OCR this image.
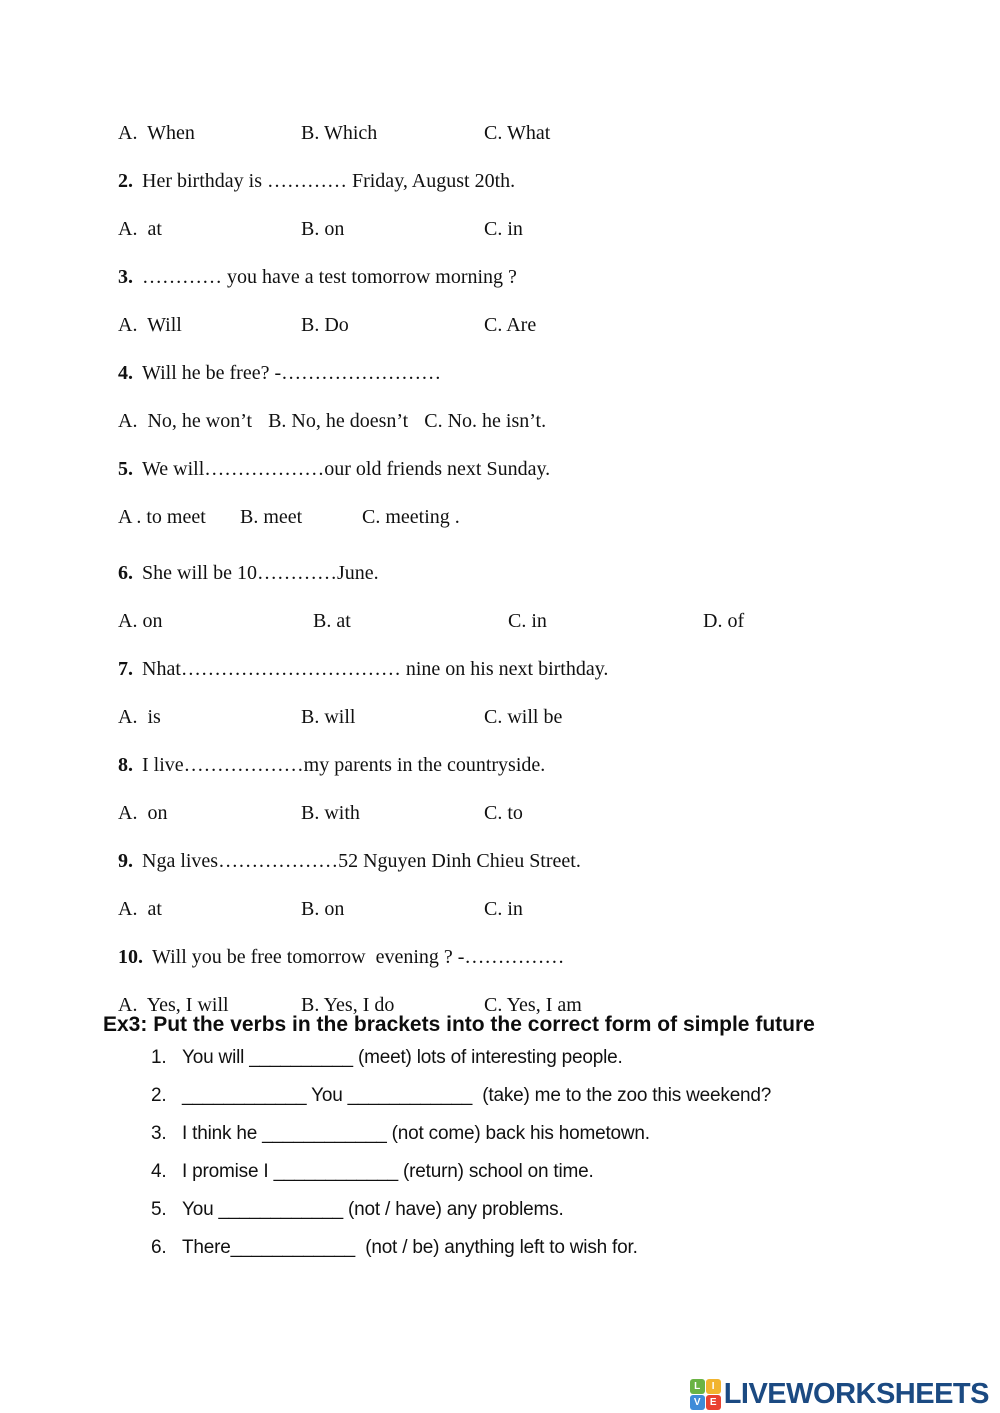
A.  When	B. Which	C. What
2. Her birthday is ………… Friday, August 20th.
A.  at	B. on	C. in
3. ………… you have a test tomorrow morning ?
A.  Will	B. Do	C. Are
4. Will he be free? -……………………
A.  No, he won’t B. No, he doesn’t C. No. he isn’t.
5. We will………………our old friends next Sunday.
A . to meet	B. meet	C. meeting .
6. She will be 10…………June.
A. on	B. at	C. in	D. of
7. Nhat…………………………… nine on his next birthday.
A.  is	B. will	C. will be
8. I live………………my parents in the countryside.
A.  on	B. with	C. to
9. Nga lives………………52 Nguyen Dinh Chieu Street.
A.  at	B. on	C. in
10. Will you be free tomorrow  evening ? -……………
A.  Yes, I will	B. Yes, I do	C. Yes, I am
Ex3: Put the verbs in the brackets into the correct form of simple future
1. You will __________ (meet) lots of interesting people.
2. ____________ You ____________  (take) me to the zoo this weekend?
3. I think he ____________ (not come) back his hometown.
4. I promise I ____________ (return) school on time.
5. You ____________ (not / have) any problems.
6. There____________  (not / be) anything left to wish for.
L	I
V E LIVEWORKSHEETS
